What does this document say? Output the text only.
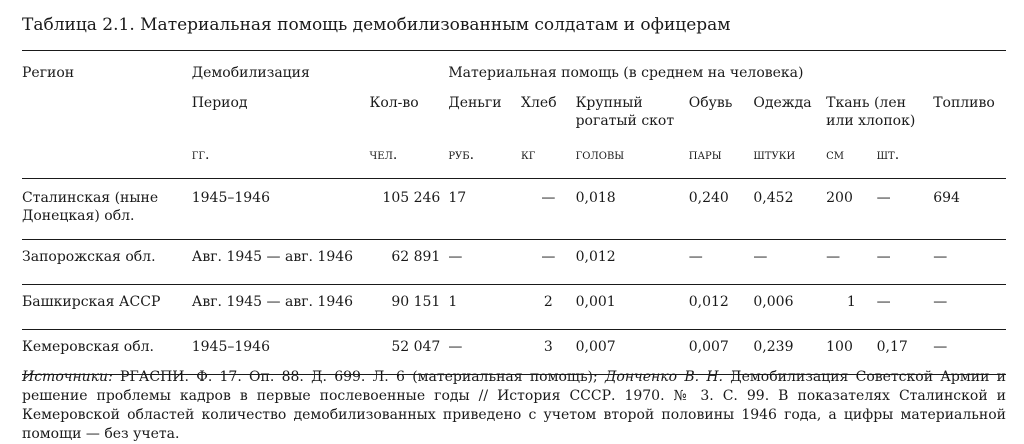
Таблица 2.1. Материальная помощь демобилизованным солдатам и офицерам
Регион	Демобилизация		Материальная помощь (в среднем на человека)							
	Период	Кол-во	Деньги	Хлеб	Крупный рогатый скот	Обувь	Одежда	Ткань (лен или хлопок)		Топливо
	гг.	чел.	руб.	кг	головы	пары	штуки	см	шт.	
Сталинская (ныне Донецкая) обл.	1945–1946	105 246	17	—	0,018	0,240	0,452	200	—	694
Запорожская обл.	Авг. 1945 — авг. 1946	62 891	—	—	0,012	—	—	—	—	—
Башкирская АССР	Авг. 1945 — авг. 1946	90 151	1	2	0,001	0,012	0,006	1	—	—
Кемеровская обл.	1945–1946	52 047	—	3	0,007	0,007	0,239	100	0,17	—
Источники: РГАСПИ. Ф. 17. Оп. 88. Д. 699. Л. 6 (материальная помощь); Донченко В. Н. Демобилизация Советской Армии и решение проблемы кадров в первые послевоенные годы // История СССР. 1970. № 3. С. 99. В показателях Сталинской и Кемеровской областей количество демобилизованных приведено с учетом второй половины 1946 года, а цифры материальной помощи — без учета.
